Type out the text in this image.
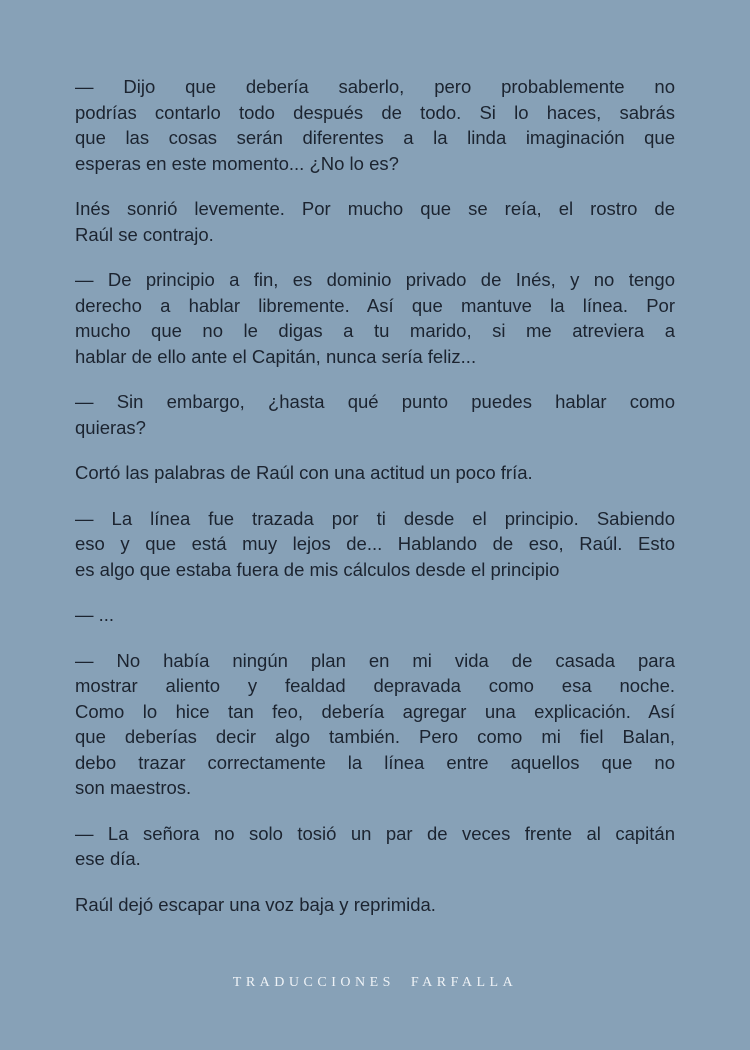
— Dijo que debería saberlo, pero probablemente no
podrías contarlo todo después de todo. Si lo haces, sabrás
que las cosas serán diferentes a la linda imaginación que
esperas en este momento... ¿No lo es?
Inés sonrió levemente. Por mucho que se reía, el rostro de
Raúl se contrajo.
— De principio a fin, es dominio privado de Inés, y no tengo
derecho a hablar libremente. Así que mantuve la línea. Por
mucho que no le digas a tu marido, si me atreviera a
hablar de ello ante el Capitán, nunca sería feliz...
— Sin embargo, ¿hasta qué punto puedes hablar como
quieras?
Cortó las palabras de Raúl con una actitud un poco fría.
— La línea fue trazada por ti desde el principio. Sabiendo
eso y que está muy lejos de... Hablando de eso, Raúl. Esto
es algo que estaba fuera de mis cálculos desde el principio
— ...
— No había ningún plan en mi vida de casada para
mostrar aliento y fealdad depravada como esa noche.
Como lo hice tan feo, debería agregar una explicación. Así
que deberías decir algo también. Pero como mi fiel Balan,
debo trazar correctamente la línea entre aquellos que no
son maestros.
— La señora no solo tosió un par de veces frente al capitán
ese día.
Raúl dejó escapar una voz baja y reprimida.
TRADUCCIONES  FARFALLA
